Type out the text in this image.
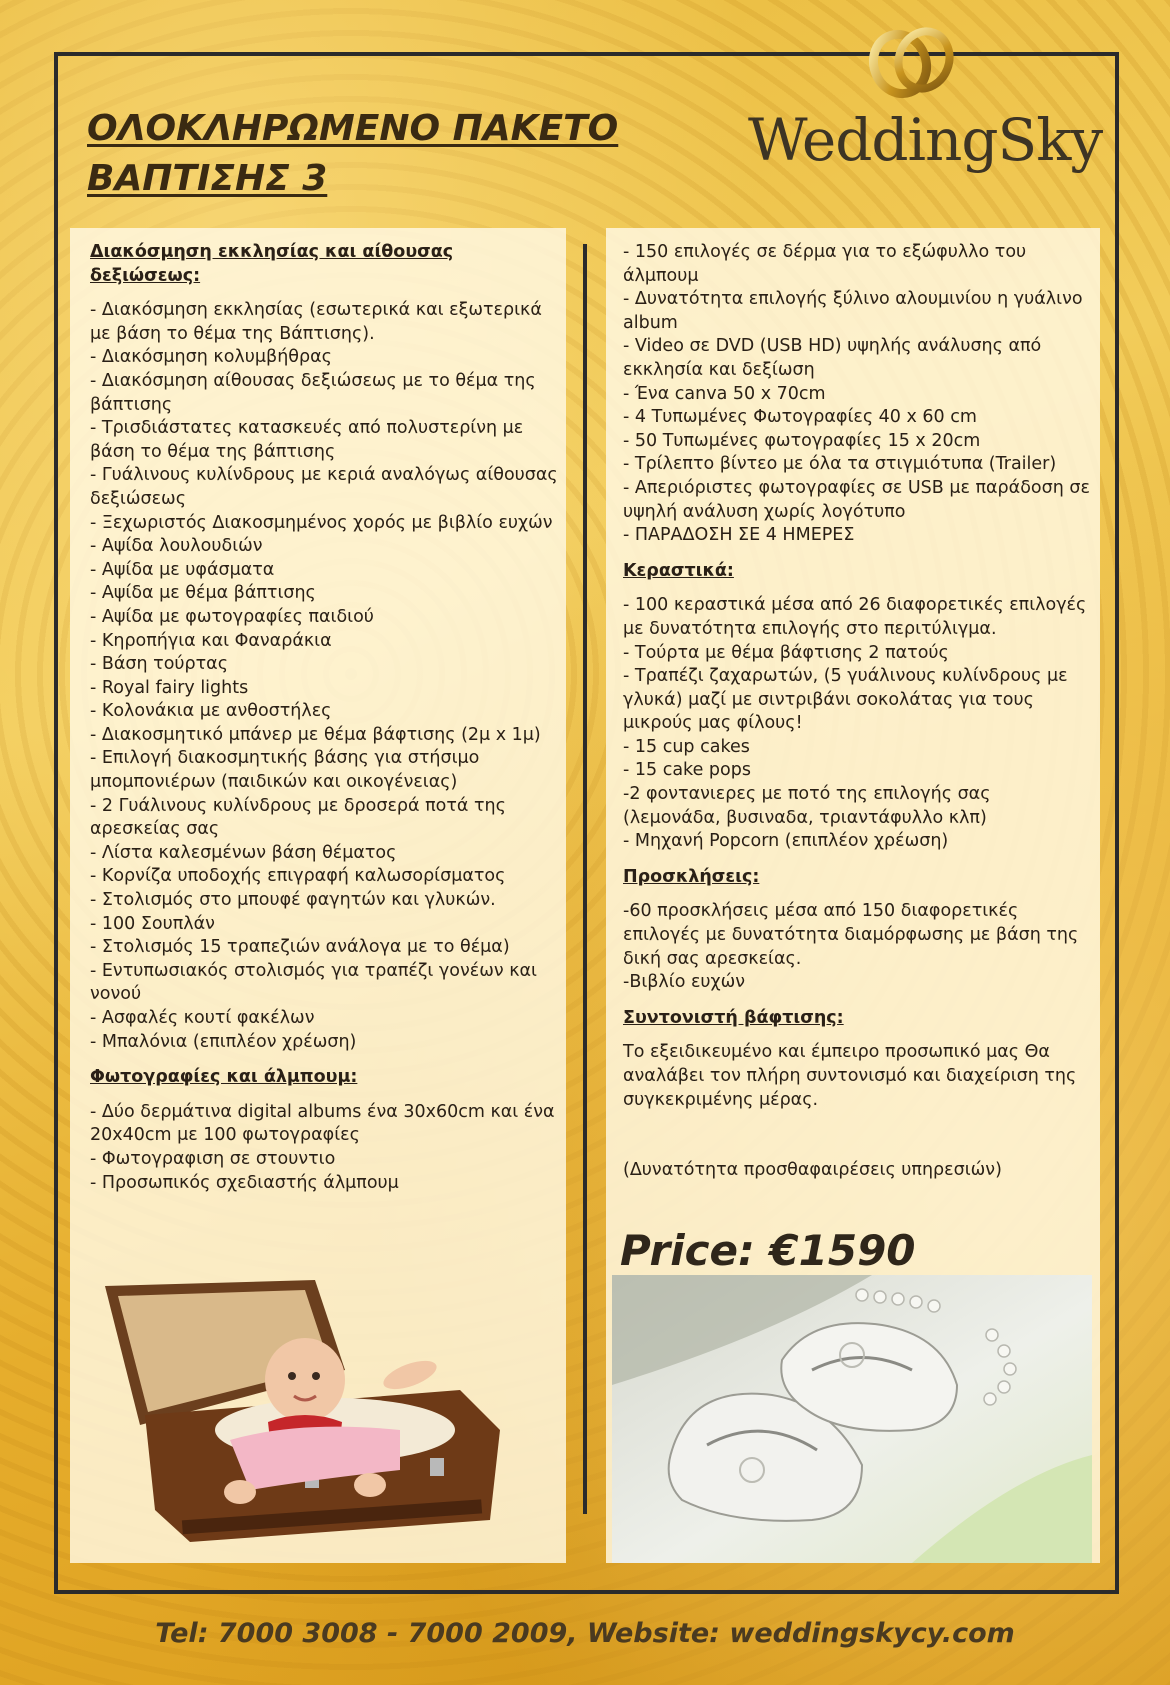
ΟΛΟΚΛΗΡΩΜΕΝΟ ΠΑΚΕΤΟ
ΒΑΠΤΙΣΗΣ 3
WeddingSky
Διακόσμηση εκκλησίας και αίθουσας δεξιώσεως:
- Διακόσμηση εκκλησίας (εσωτερικά και εξωτερικά με βάση το θέμα της Βάπτισης).
- Διακόσμηση κολυμβήθρας
- Διακόσμηση αίθουσας δεξιώσεως με το θέμα της βάπτισης
- Τρισδιάστατες κατασκευές από πολυστερίνη με βάση το θέμα της βάπτισης
- Γυάλινους κυλίνδρους με κεριά αναλόγως αίθουσας δεξιώσεως
- Ξεχωριστός Διακοσμημένος χορός με βιβλίο ευχών
- Αψίδα λουλουδιών
- Αψίδα με υφάσματα
- Αψίδα με θέμα βάπτισης
- Αψίδα με φωτογραφίες παιδιού
- Κηροπήγια και Φαναράκια
- Βάση τούρτας
- Royal fairy lights
- Κολονάκια με ανθοστήλες
- Διακοσμητικό μπάνερ με θέμα βάφτισης (2μ x 1μ)
- Επιλογή διακοσμητικής βάσης για στήσιμο μπομπονιέρων (παιδικών και οικογένειας)
- 2 Γυάλινους κυλίνδρους με δροσερά ποτά της αρεσκείας σας
- Λίστα καλεσμένων βάση θέματος
- Κορνίζα υποδοχής επιγραφή καλωσορίσματος
- Στολισμός στο μπουφέ φαγητών και γλυκών.
- 100 Σουπλάν
- Στολισμός 15 τραπεζιών ανάλογα με το θέμα)
- Εντυπωσιακός στολισμός για τραπέζι γονέων και νονού
- Ασφαλές κουτί φακέλων
- Μπαλόνια (επιπλέον χρέωση)
Φωτογραφίες και άλμπουμ:
- Δύο δερμάτινα digital albums ένα 30x60cm και ένα 20x40cm με 100 φωτογραφίες
- Φωτογραφιση σε στουντιο
- Προσωπικός σχεδιαστής άλμπουμ
- 150 επιλογές σε δέρμα για το εξώφυλλο του άλμπουμ
- Δυνατότητα επιλογής ξύλινο αλουμινίου η γυάλινο album
- Video σε DVD (USB HD) υψηλής ανάλυσης από εκκλησία και δεξίωση
- Ένα canva 50 x 70cm
- 4 Τυπωμένες Φωτογραφίες 40 x 60 cm
- 50 Τυπωμένες φωτογραφίες 15 x 20cm
- Τρίλεπτο βίντεο με όλα τα στιγμιότυπα (Trailer)
- Απεριόριστες φωτογραφίες σε USB με παράδοση σε υψηλή ανάλυση χωρίς λογότυπο
- ΠΑΡΑΔΟΣΗ ΣΕ 4 ΗΜΕΡΕΣ
Κεραστικά:
- 100 κεραστικά μέσα από 26 διαφορετικές επιλογές με δυνατότητα επιλογής στο περιτύλιγμα.
- Τούρτα με θέμα βάφτισης 2 πατούς
- Τραπέζι ζαχαρωτών, (5 γυάλινους κυλίνδρους με γλυκά) μαζί με σιντριβάνι σοκολάτας για τους μικρούς μας φίλους!
- 15 cup cakes
- 15 cake pops
-2 φοντανιερες με ποτό της επιλογής σας (λεμονάδα, βυσιναδα, τριαντάφυλλο κλπ)
- Μηχανή Popcorn (επιπλέον χρέωση)
Προσκλήσεις:
-60 προσκλήσεις μέσα από 150 διαφορετικές επιλογές με δυνατότητα διαμόρφωσης με βάση της δική σας αρεσκείας.
-Βιβλίο ευχών
Συντονιστή βάφτισης:
Το εξειδικευμένο και έμπειρο προσωπικό μας Θα αναλάβει τον πλήρη συντονισμό και διαχείριση της συγκεκριμένης μέρας.
(Δυνατότητα προσθαφαιρέσεις υπηρεσιών)
Price: €1590
Tel: 7000 3008 - 7000 2009, Website: weddingskycy.com
